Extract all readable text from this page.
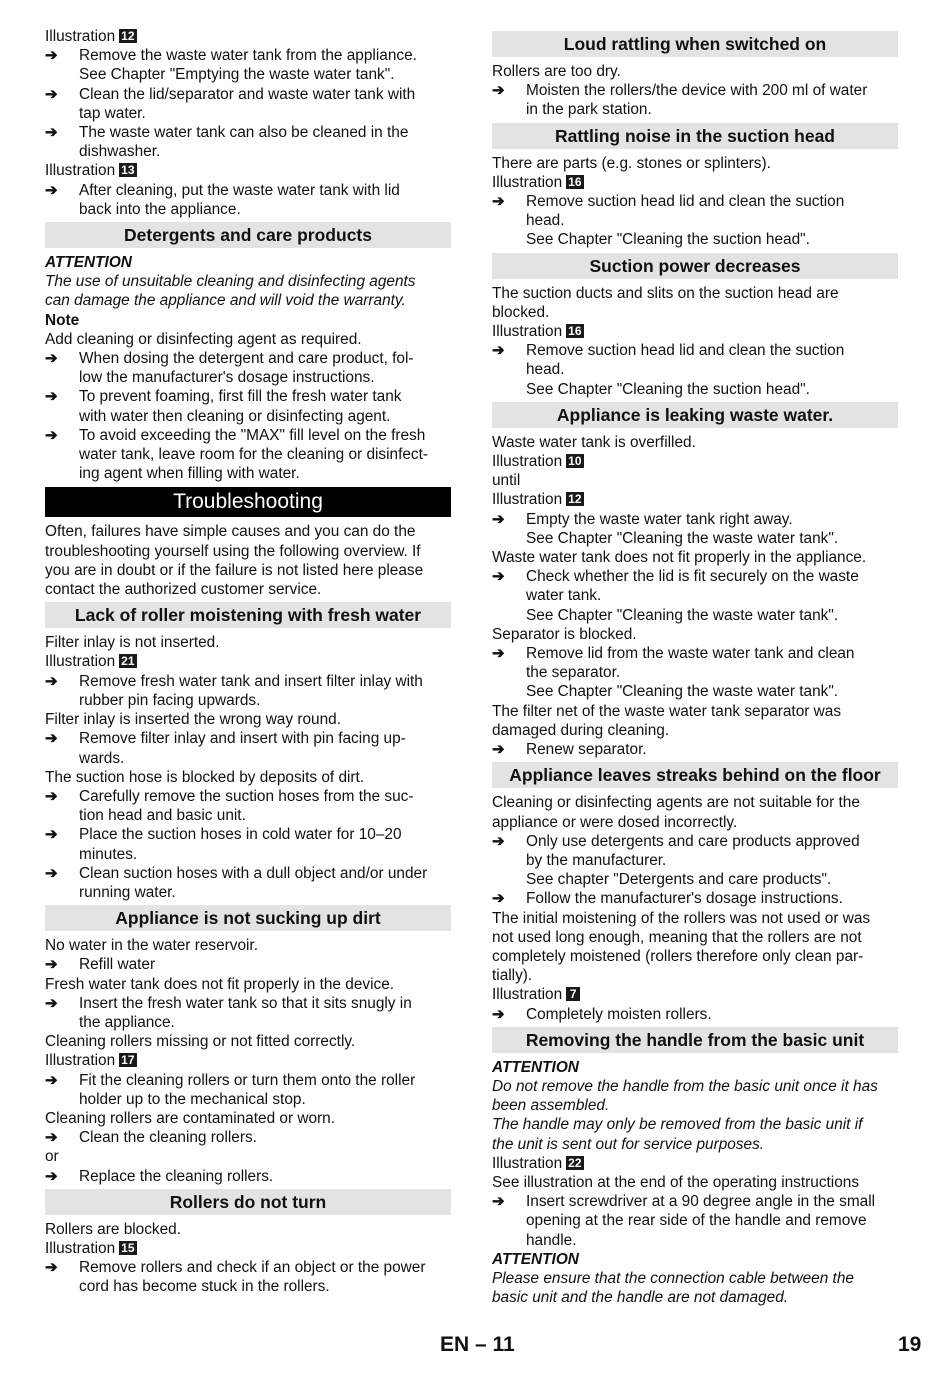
Illustration 12
➔	Remove the waste water tank from the appliance.
See Chapter "Emptying the waste water tank".
➔	Clean the lid/separator and waste water tank with
tap water.
➔	The waste water tank can also be cleaned in the
dishwasher.
Illustration 13
➔	After cleaning, put the waste water tank with lid
back into the appliance.
Detergents and care products
ATTENTION
The use of unsuitable cleaning and disinfecting agents
can damage the appliance and will void the warranty.
Note
Add cleaning or disinfecting agent as required.
➔	When dosing the detergent and care product, fol-
low the manufacturer's dosage instructions.
➔	To prevent foaming, first fill the fresh water tank
with water then cleaning or disinfecting agent.
➔	To avoid exceeding the "MAX" fill level on the fresh
water tank, leave room for the cleaning or disinfect-
ing agent when filling with water.
Troubleshooting
Often, failures have simple causes and you can do the
troubleshooting yourself using the following overview. If
you are in doubt or if the failure is not listed here please
contact the authorized customer service.
Lack of roller moistening with fresh water
Filter inlay is not inserted.
Illustration 21
➔	Remove fresh water tank and insert filter inlay with
rubber pin facing upwards.
Filter inlay is inserted the wrong way round.
➔	Remove filter inlay and insert with pin facing up-
wards.
The suction hose is blocked by deposits of dirt.
➔	Carefully remove the suction hoses from the suc-
tion head and basic unit.
➔	Place the suction hoses in cold water for 10–20
minutes.
➔	Clean suction hoses with a dull object and/or under
running water.
Appliance is not sucking up dirt
No water in the water reservoir.
➔	Refill water
Fresh water tank does not fit properly in the device.
➔	Insert the fresh water tank so that it sits snugly in
the appliance.
Cleaning rollers missing or not fitted correctly.
Illustration 17
➔	Fit the cleaning rollers or turn them onto the roller
holder up to the mechanical stop.
Cleaning rollers are contaminated or worn.
➔	Clean the cleaning rollers.
or
➔	Replace the cleaning rollers.
Rollers do not turn
Rollers are blocked.
Illustration 15
➔	Remove rollers and check if an object or the power
cord has become stuck in the rollers.
Loud rattling when switched on
Rollers are too dry.
➔	Moisten the rollers/the device with 200 ml of water
in the park station.
Rattling noise in the suction head
There are parts (e.g. stones or splinters).
Illustration 16
➔	Remove suction head lid and clean the suction
head.
See Chapter "Cleaning the suction head".
Suction power decreases
The suction ducts and slits on the suction head are
blocked.
Illustration 16
➔	Remove suction head lid and clean the suction
head.
See Chapter "Cleaning the suction head".
Appliance is leaking waste water.
Waste water tank is overfilled.
Illustration 10
until
Illustration 12
➔	Empty the waste water tank right away.
See Chapter "Cleaning the waste water tank".
Waste water tank does not fit properly in the appliance.
➔	Check whether the lid is fit securely on the waste
water tank.
See Chapter "Cleaning the waste water tank".
Separator is blocked.
➔	Remove lid from the waste water tank and clean
the separator.
See Chapter "Cleaning the waste water tank".
The filter net of the waste water tank separator was
damaged during cleaning.
➔	Renew separator.
Appliance leaves streaks behind on the floor
Cleaning or disinfecting agents are not suitable for the
appliance or were dosed incorrectly.
➔	Only use detergents and care products approved
by the manufacturer.
See chapter "Detergents and care products".
➔	Follow the manufacturer's dosage instructions.
The initial moistening of the rollers was not used or was
not used long enough, meaning that the rollers are not
completely moistened (rollers therefore only clean par-
tially).
Illustration 7
➔	Completely moisten rollers.
Removing the handle from the basic unit
ATTENTION
Do not remove the handle from the basic unit once it has
been assembled.
The handle may only be removed from the basic unit if
the unit is sent out for service purposes.
Illustration 22
See illustration at the end of the operating instructions
➔	Insert screwdriver at a 90 degree angle in the small
opening at the rear side of the handle and remove
handle.
ATTENTION
Please ensure that the connection cable between the
basic unit and the handle are not damaged.
EN – 11	19
